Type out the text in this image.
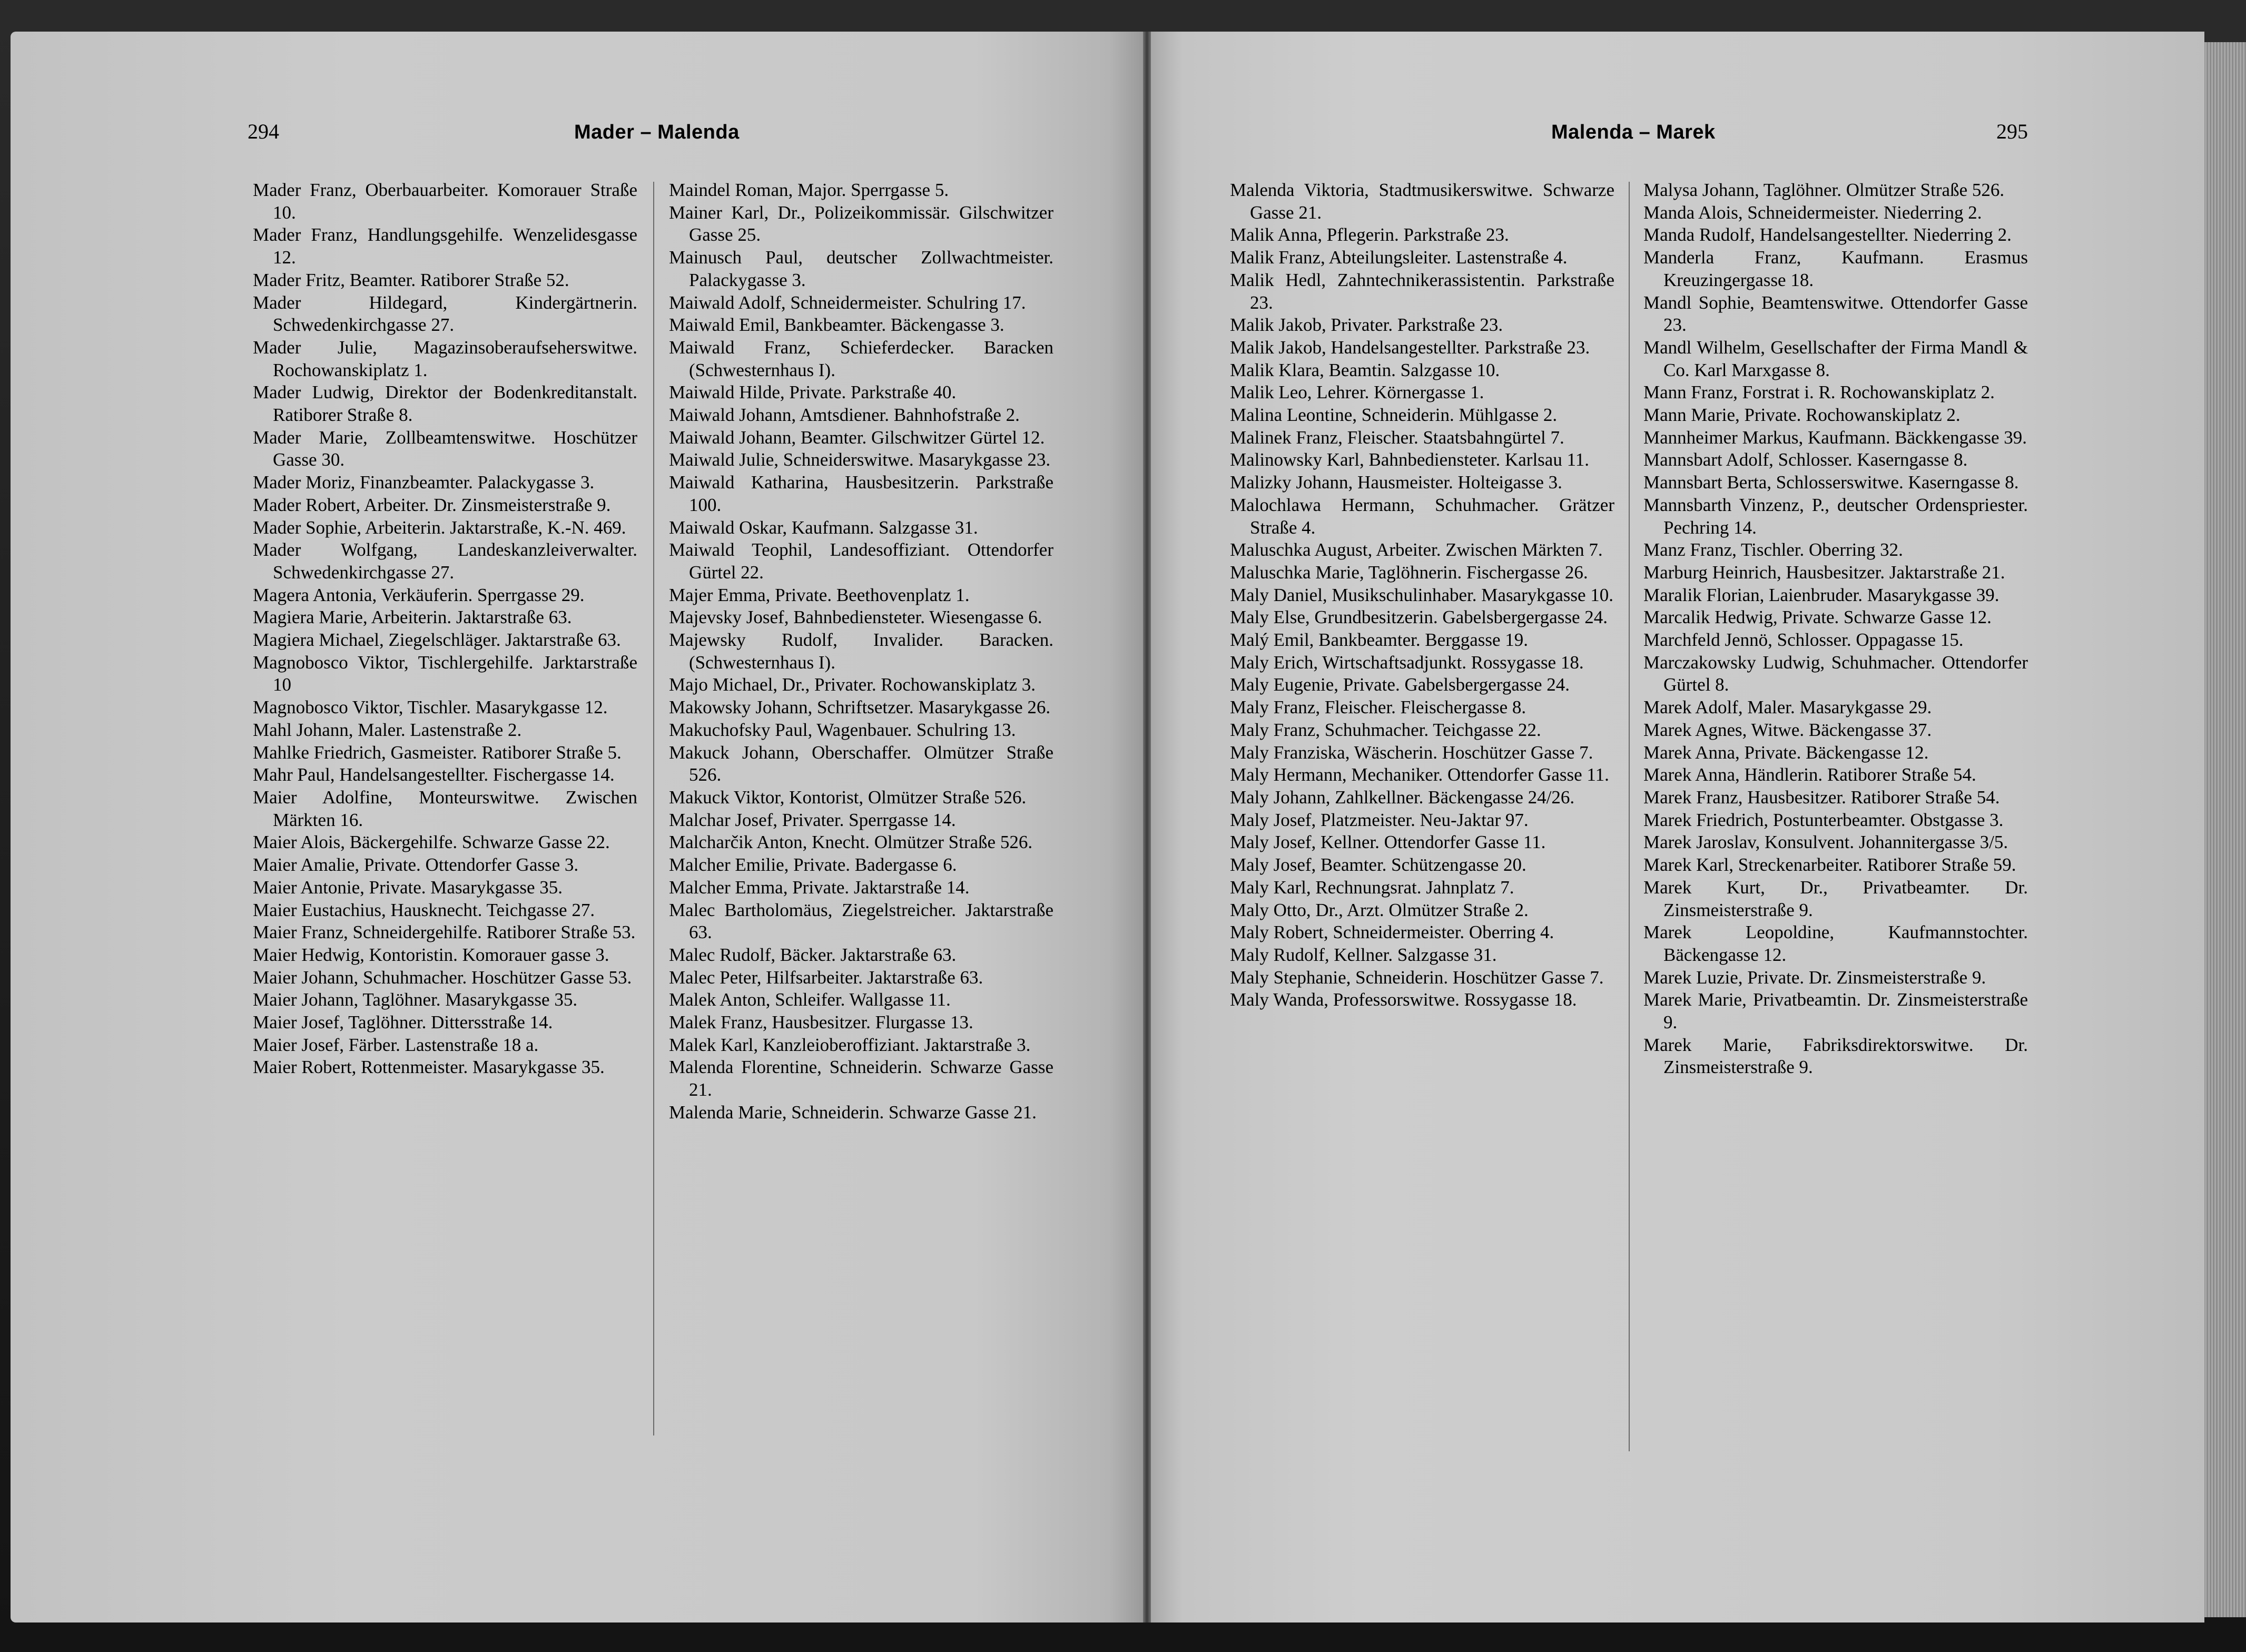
294	Mader – Malenda	Malenda – Marek	295
Mader Franz, Oberbauarbeiter. Komorauer Straße 10.
Mader Franz, Handlungsgehilfe. Wenzelidesgasse 12.
Mader Fritz, Beamter. Ratiborer Straße 52.
Mader Hildegard, Kindergärtnerin. Schwedenkirchgasse 27.
Mader Julie, Magazinsoberaufseherswitwe. Rochowanskiplatz 1.
Mader Ludwig, Direktor der Bodenkreditanstalt. Ratiborer Straße 8.
Mader Marie, Zollbeamtenswitwe. Hoschützer Gasse 30.
Mader Moriz, Finanzbeamter. Palackygasse 3.
Mader Robert, Arbeiter. Dr. Zinsmeisterstraße 9.
Mader Sophie, Arbeiterin. Jaktarstraße, K.-N. 469.
Mader Wolfgang, Landeskanzleiverwalter. Schwedenkirchgasse 27.
Magera Antonia, Verkäuferin. Sperrgasse 29.
Magiera Marie, Arbeiterin. Jaktarstraße 63.
Magiera Michael, Ziegelschläger. Jaktarstraße 63.
Magnobosco Viktor, Tischlergehilfe. Jarktarstraße 10
Magnobosco Viktor, Tischler. Masarykgasse 12.
Mahl Johann, Maler. Lastenstraße 2.
Mahlke Friedrich, Gasmeister. Ratiborer Straße 5.
Mahr Paul, Handelsangestellter. Fischergasse 14.
Maier Adolfine, Monteurswitwe. Zwischen Märkten 16.
Maier Alois, Bäckergehilfe. Schwarze Gasse 22.
Maier Amalie, Private. Ottendorfer Gasse 3.
Maier Antonie, Private. Masarykgasse 35.
Maier Eustachius, Hausknecht. Teichgasse 27.
Maier Franz, Schneidergehilfe. Ratiborer Straße 53.
Maier Hedwig, Kontoristin. Komorauer gasse 3.
Maier Johann, Schuhmacher. Hoschützer Gasse 53.
Maier Johann, Taglöhner. Masarykgasse 35.
Maier Josef, Taglöhner. Dittersstraße 14.
Maier Josef, Färber. Lastenstraße 18 a.
Maier Robert, Rottenmeister. Masarykgasse 35.
Maindel Roman, Major. Sperrgasse 5.
Mainer Karl, Dr., Polizeikommissär. Gilschwitzer Gasse 25.
Mainusch Paul, deutscher Zollwachtmeister. Palackygasse 3.
Maiwald Adolf, Schneidermeister. Schulring 17.
Maiwald Emil, Bankbeamter. Bäckengasse 3.
Maiwald Franz, Schieferdecker. Baracken (Schwesternhaus I).
Maiwald Hilde, Private. Parkstraße 40.
Maiwald Johann, Amtsdiener. Bahnhofstraße 2.
Maiwald Johann, Beamter. Gilschwitzer Gürtel 12.
Maiwald Julie, Schneiderswitwe. Masarykgasse 23.
Maiwald Katharina, Hausbesitzerin. Parkstraße 100.
Maiwald Oskar, Kaufmann. Salzgasse 31.
Maiwald Teophil, Landesoffiziant. Ottendorfer Gürtel 22.
Majer Emma, Private. Beethovenplatz 1.
Majevsky Josef, Bahnbediensteter. Wiesengasse 6.
Majewsky Rudolf, Invalider. Baracken. (Schwesternhaus I).
Majo Michael, Dr., Privater. Rochowanskiplatz 3.
Makowsky Johann, Schriftsetzer. Masarykgasse 26.
Makuchofsky Paul, Wagenbauer. Schulring 13.
Makuck Johann, Oberschaffer. Olmützer Straße 526.
Makuck Viktor, Kontorist, Olmützer Straße 526.
Malchar Josef, Privater. Sperrgasse 14.
Malcharčik Anton, Knecht. Olmützer Straße 526.
Malcher Emilie, Private. Badergasse 6.
Malcher Emma, Private. Jaktarstraße 14.
Malec Bartholomäus, Ziegelstreicher. Jaktarstraße 63.
Malec Rudolf, Bäcker. Jaktarstraße 63.
Malec Peter, Hilfsarbeiter. Jaktarstraße 63.
Malek Anton, Schleifer. Wallgasse 11.
Malek Franz, Hausbesitzer. Flurgasse 13.
Malek Karl, Kanzleioberoffiziant. Jaktarstraße 3.
Malenda Florentine, Schneiderin. Schwarze Gasse 21.
Malenda Marie, Schneiderin. Schwarze Gasse 21.
Malenda Viktoria, Stadtmusikerswitwe. Schwarze Gasse 21.
Malik Anna, Pflegerin. Parkstraße 23.
Malik Franz, Abteilungsleiter. Lastenstraße 4.
Malik Hedl, Zahntechnikerassistentin. Parkstraße 23.
Malik Jakob, Privater. Parkstraße 23.
Malik Jakob, Handelsangestellter. Parkstraße 23.
Malik Klara, Beamtin. Salzgasse 10.
Malik Leo, Lehrer. Körnergasse 1.
Malina Leontine, Schneiderin. Mühlgasse 2.
Malinek Franz, Fleischer. Staatsbahngürtel 7.
Malinowsky Karl, Bahnbediensteter. Karlsau 11.
Malizky Johann, Hausmeister. Holteigasse 3.
Malochlawa Hermann, Schuhmacher. Grätzer Straße 4.
Maluschka August, Arbeiter. Zwischen Märkten 7.
Maluschka Marie, Taglöhnerin. Fischergasse 26.
Maly Daniel, Musikschulinhaber. Masarykgasse 10.
Maly Else, Grundbesitzerin. Gabelsbergergasse 24.
Malý Emil, Bankbeamter. Berggasse 19.
Maly Erich, Wirtschaftsadjunkt. Rossygasse 18.
Maly Eugenie, Private. Gabelsbergergasse 24.
Maly Franz, Fleischer. Fleischergasse 8.
Maly Franz, Schuhmacher. Teichgasse 22.
Maly Franziska, Wäscherin. Hoschützer Gasse 7.
Maly Hermann, Mechaniker. Ottendorfer Gasse 11.
Maly Johann, Zahlkellner. Bäckengasse 24/26.
Maly Josef, Platzmeister. Neu-Jaktar 97.
Maly Josef, Kellner. Ottendorfer Gasse 11.
Maly Josef, Beamter. Schützengasse 20.
Maly Karl, Rechnungsrat. Jahnplatz 7.
Maly Otto, Dr., Arzt. Olmützer Straße 2.
Maly Robert, Schneidermeister. Oberring 4.
Maly Rudolf, Kellner. Salzgasse 31.
Maly Stephanie, Schneiderin. Hoschützer Gasse 7.
Maly Wanda, Professorswitwe. Rossygasse 18.
Malysa Johann, Taglöhner. Olmützer Straße 526.
Manda Alois, Schneidermeister. Niederring 2.
Manda Rudolf, Handelsangestellter. Niederring 2.
Manderla Franz, Kaufmann. Erasmus Kreuzingergasse 18.
Mandl Sophie, Beamtenswitwe. Ottendorfer Gasse 23.
Mandl Wilhelm, Gesellschafter der Firma Mandl & Co. Karl Marxgasse 8.
Mann Franz, Forstrat i. R. Rochowanskiplatz 2.
Mann Marie, Private. Rochowanskiplatz 2.
Mannheimer Markus, Kaufmann. Bäckkengasse 39.
Mannsbart Adolf, Schlosser. Kaserngasse 8.
Mannsbart Berta, Schlosserswitwe. Kaserngasse 8.
Mannsbarth Vinzenz, P., deutscher Ordenspriester. Pechring 14.
Manz Franz, Tischler. Oberring 32.
Marburg Heinrich, Hausbesitzer. Jaktarstraße 21.
Maralik Florian, Laienbruder. Masarykgasse 39.
Marcalik Hedwig, Private. Schwarze Gasse 12.
Marchfeld Jennö, Schlosser. Oppagasse 15.
Marczakowsky Ludwig, Schuhmacher. Ottendorfer Gürtel 8.
Marek Adolf, Maler. Masarykgasse 29.
Marek Agnes, Witwe. Bäckengasse 37.
Marek Anna, Private. Bäckengasse 12.
Marek Anna, Händlerin. Ratiborer Straße 54.
Marek Franz, Hausbesitzer. Ratiborer Straße 54.
Marek Friedrich, Postunterbeamter. Obstgasse 3.
Marek Jaroslav, Konsulvent. Johannitergasse 3/5.
Marek Karl, Streckenarbeiter. Ratiborer Straße 59.
Marek Kurt, Dr., Privatbeamter. Dr. Zinsmeisterstraße 9.
Marek Leopoldine, Kaufmannstochter. Bäckengasse 12.
Marek Luzie, Private. Dr. Zinsmeisterstraße 9.
Marek Marie, Privatbeamtin. Dr. Zinsmeisterstraße 9.
Marek Marie, Fabriksdirektorswitwe. Dr. Zinsmeisterstraße 9.
